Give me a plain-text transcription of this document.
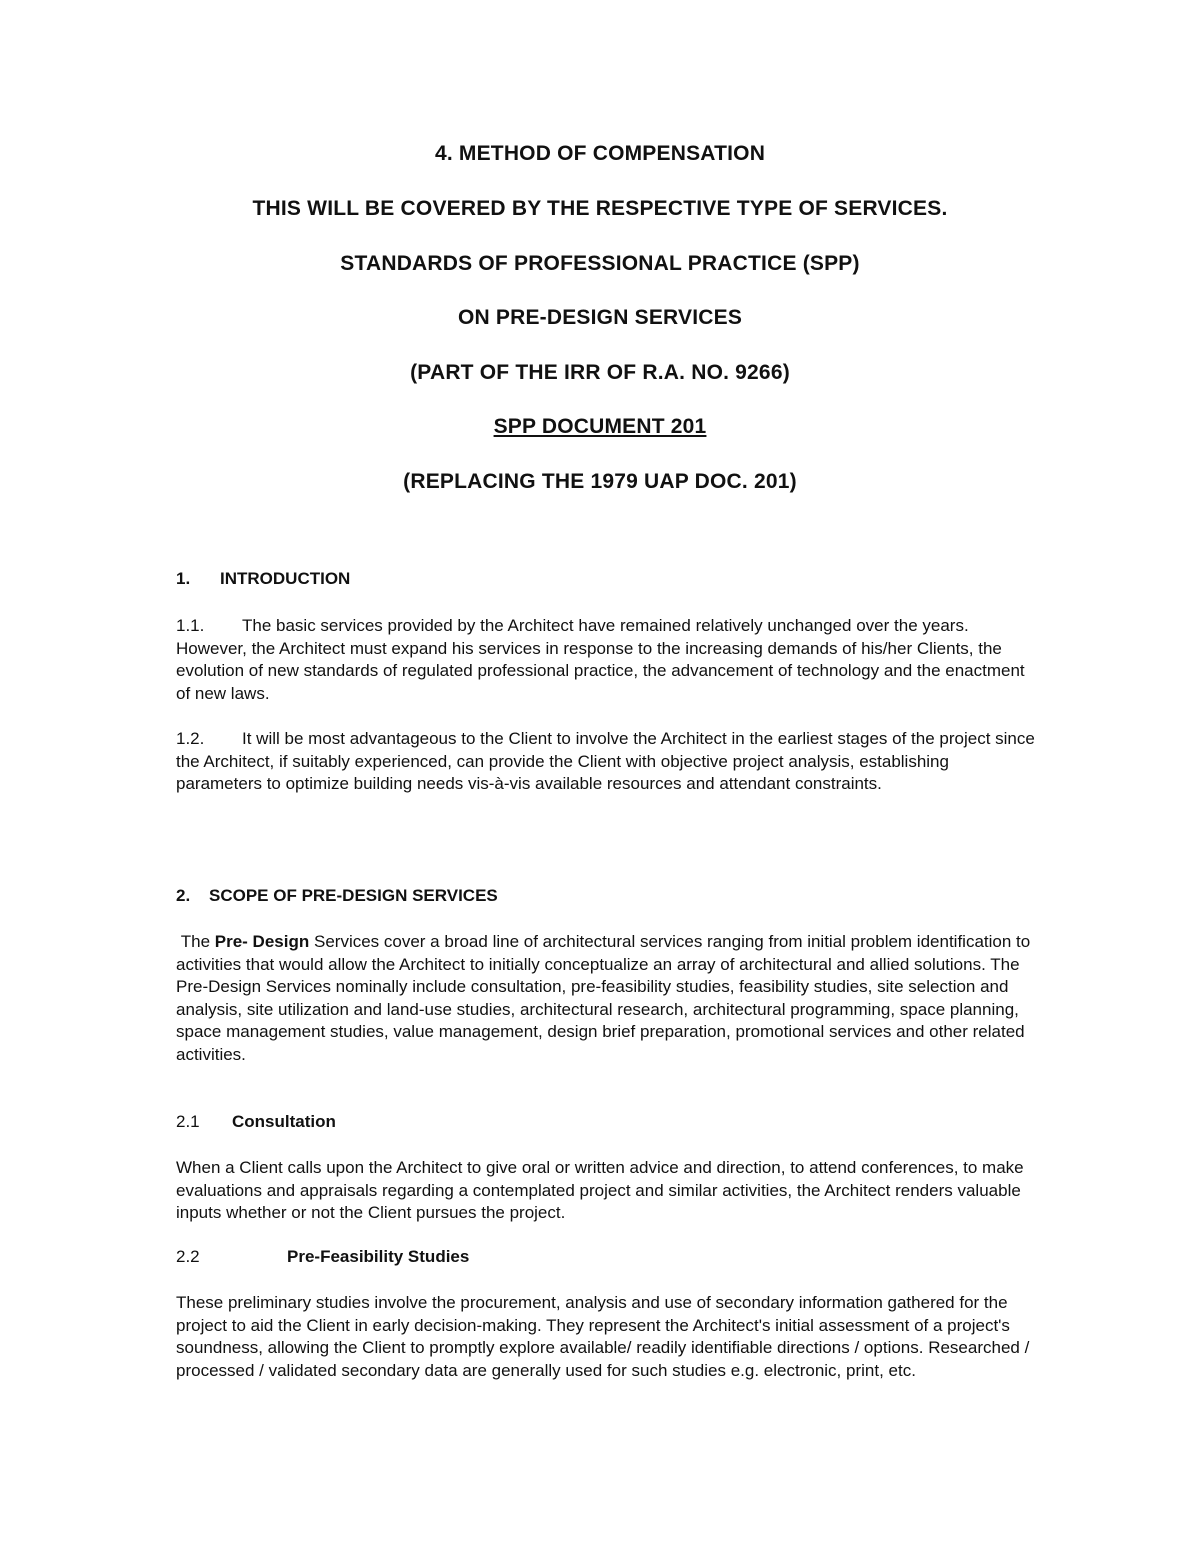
4. METHOD OF COMPENSATION

THIS WILL BE COVERED BY THE RESPECTIVE TYPE OF SERVICES.

STANDARDS OF PROFESSIONAL PRACTICE (SPP)

ON PRE-DESIGN SERVICES

(PART OF THE IRR OF R.A. NO. 9266)

SPP DOCUMENT 201

(REPLACING THE 1979 UAP DOC. 201)

1. INTRODUCTION

1.1. The basic services provided by the Architect have remained relatively unchanged over the years. However, the Architect must expand his services in response to the increasing demands of his/her Clients, the evolution of new standards of regulated professional practice, the advancement of technology and the enactment of new laws.

1.2. It will be most advantageous to the Client to involve the Architect in the earliest stages of the project since the Architect, if suitably experienced, can provide the Client with objective project analysis, establishing parameters to optimize building needs vis-à-vis available resources and attendant constraints.

2. SCOPE OF PRE-DESIGN SERVICES

The Pre- Design Services cover a broad line of architectural services ranging from initial problem identification to activities that would allow the Architect to initially conceptualize an array of architectural and allied solutions. The Pre-Design Services nominally include consultation, pre-feasibility studies, feasibility studies, site selection and analysis, site utilization and land-use studies, architectural research, architectural programming, space planning, space management studies, value management, design brief preparation, promotional services and other related activities.

2.1 Consultation

When a Client calls upon the Architect to give oral or written advice and direction, to attend conferences, to make evaluations and appraisals regarding a contemplated project and similar activities, the Architect renders valuable inputs whether or not the Client pursues the project.

2.2	Pre-Feasibility Studies

These preliminary studies involve the procurement, analysis and use of secondary information gathered for the project to aid the Client in early decision-making. They represent the Architect's initial assessment of a project's soundness, allowing the Client to promptly explore available/ readily identifiable directions / options. Researched / processed / validated secondary data are generally used for such studies e.g. electronic, print, etc.
